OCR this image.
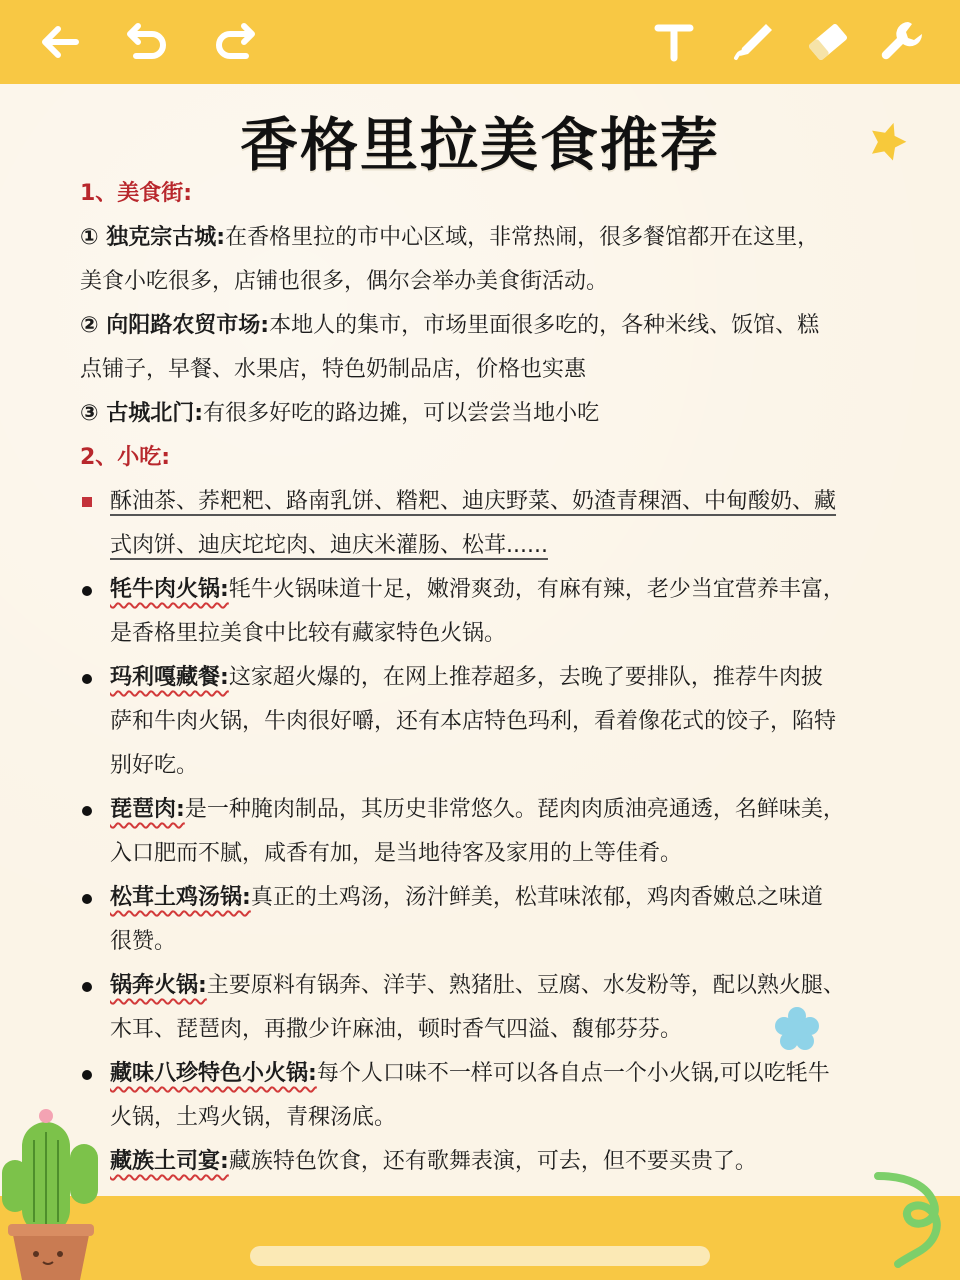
香格里拉美食推荐
1、美食街:
① 独克宗古城:在香格里拉的市中心区域，非常热闹，很多餐馆都开在这里，
美食小吃很多，店铺也很多，偶尔会举办美食街活动。
② 向阳路农贸市场:本地人的集市，市场里面很多吃的，各种米线、饭馆、糕
点铺子，早餐、水果店，特色奶制品店，价格也实惠
③ 古城北门:有很多好吃的路边摊，可以尝尝当地小吃
2、小吃:
酥油茶、荞粑粑、路南乳饼、糌粑、迪庆野菜、奶渣青稞酒、中甸酸奶、藏
式肉饼、迪庆坨坨肉、迪庆米灌肠、松茸......
牦牛肉火锅:牦牛火锅味道十足，嫩滑爽劲，有麻有辣，老少当宜营养丰富，
是香格里拉美食中比较有藏家特色火锅。
玛利嘎藏餐:这家超火爆的，在网上推荐超多，去晚了要排队，推荐牛肉披
萨和牛肉火锅，牛肉很好嚼，还有本店特色玛利，看着像花式的饺子，陷特
别好吃。
琵琶肉:是一种腌肉制品，其历史非常悠久。琵肉肉质油亮通透，名鲜味美，
入口肥而不腻，咸香有加，是当地待客及家用的上等佳肴。
松茸土鸡汤锅:真正的土鸡汤，汤汁鲜美，松茸味浓郁，鸡肉香嫩总之味道
很赞。
锅奔火锅:主要原料有锅奔、洋芋、熟猪肚、豆腐、水发粉等，配以熟火腿、
木耳、琵琶肉，再撒少许麻油，顿时香气四溢、馥郁芬芬。
藏味八珍特色小火锅:每个人口味不一样可以各自点一个小火锅,可以吃牦牛
火锅，土鸡火锅，青稞汤底。
藏族土司宴:藏族特色饮食，还有歌舞表演，可去，但不要买贵了。
